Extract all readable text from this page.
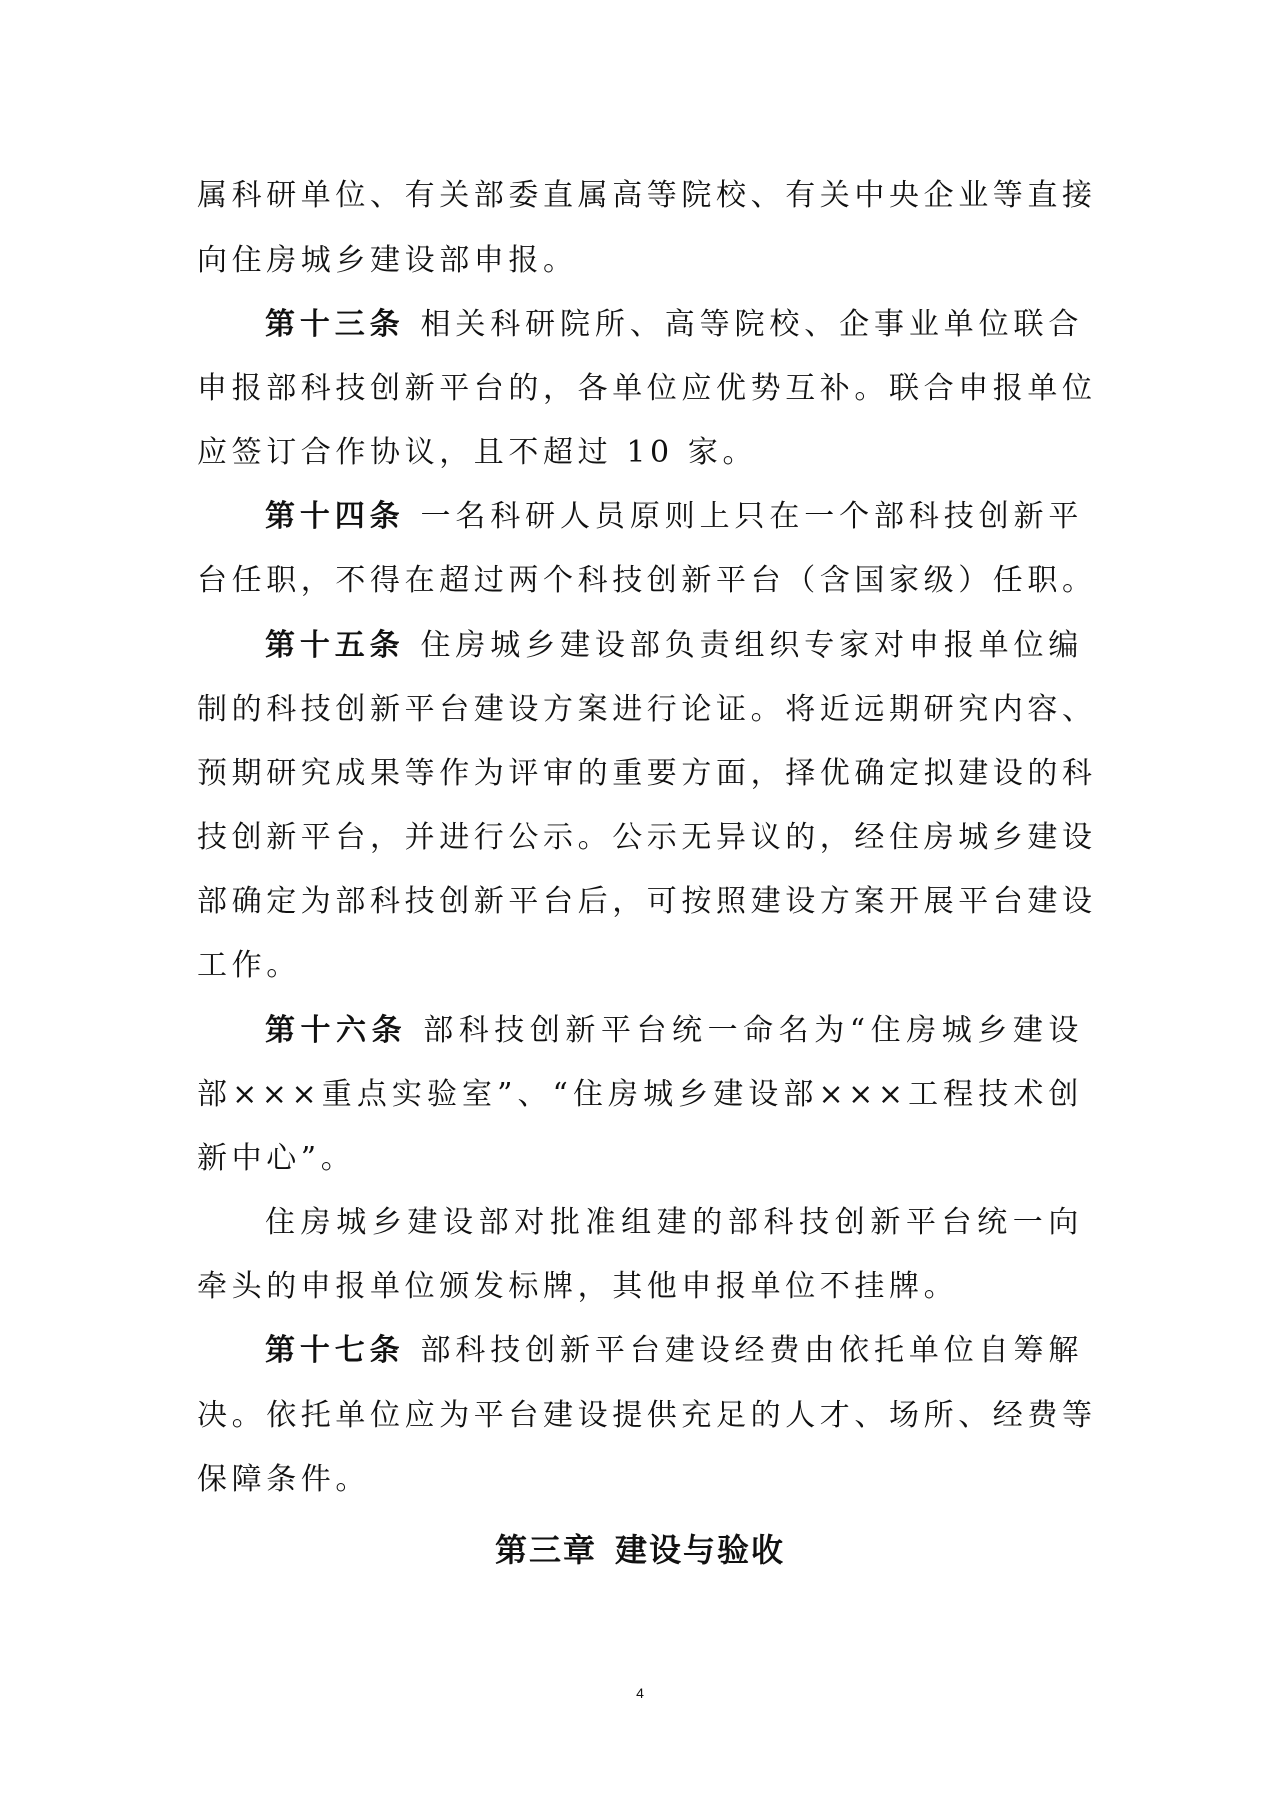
属科研单位、有关部委直属高等院校、有关中央企业等直接
向住房城乡建设部申报。
第十三条 相关科研院所、高等院校、企事业单位联合
申报部科技创新平台的，各单位应优势互补。联合申报单位
应签订合作协议，且不超过 10 家。
第十四条 一名科研人员原则上只在一个部科技创新平
台任职，不得在超过两个科技创新平台（含国家级）任职。
第十五条 住房城乡建设部负责组织专家对申报单位编
制的科技创新平台建设方案进行论证。将近远期研究内容、
预期研究成果等作为评审的重要方面，择优确定拟建设的科
技创新平台，并进行公示。公示无异议的，经住房城乡建设
部确定为部科技创新平台后，可按照建设方案开展平台建设
工作。
第十六条 部科技创新平台统一命名为“住房城乡建设
部×××重点实验室”、“住房城乡建设部×××工程技术创
新中心”。
住房城乡建设部对批准组建的部科技创新平台统一向
牵头的申报单位颁发标牌，其他申报单位不挂牌。
第十七条 部科技创新平台建设经费由依托单位自筹解
决。依托单位应为平台建设提供充足的人才、场所、经费等
保障条件。
第三章 建设与验收
4
